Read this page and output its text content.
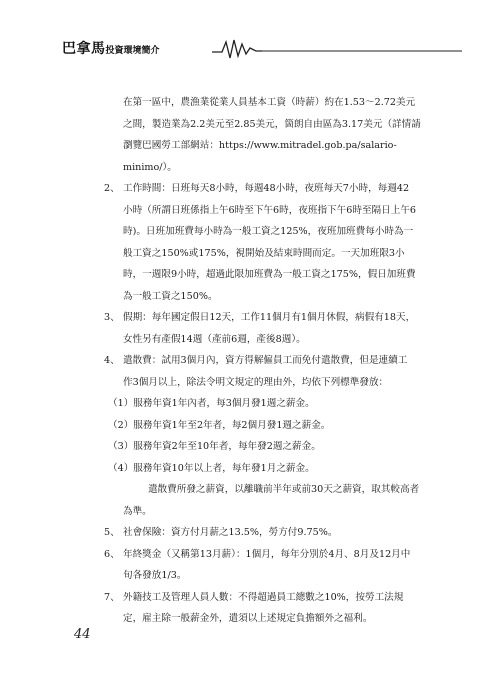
巴拿馬投資環境簡介

在第一區中，農漁業從業人員基本工資（時薪）約在1.53～2.72美元

之間，製造業為2.2美元至2.85美元，箇朗自由區為3.17美元（詳情請

瀏覽巴國勞工部網站：https://www.mitradel.gob.pa/salario-minimo/）。

2、 工作時間：日班每天8小時，每週48小時，夜班每天7小時，每週42

小時（所謂日班係指上午6時至下午6時，夜班指下午6時至隔日上午6

時)。日班加班費每小時為一般工資之125%，夜班加班費每小時為一

般工資之150%或175%，視開始及結束時間而定。一天加班限3小

時，一週限9小時，超過此限加班費為一般工資之175%，假日加班費

為一般工資之150%。

3、 假期：每年國定假日12天，工作11個月有1個月休假，病假有18天，

女性另有產假14週（產前6週，產後8週）。

4、 遣散費：試用3個月內，資方得解僱員工而免付遣散費，但是連續工

作3個月以上，除法令明文規定的理由外，均依下列標準發放：

（1）服務年資1年內者，每3個月發1週之薪金。

（2）服務年資1年至2年者，每2個月發1週之薪金。

（3）服務年資2年至10年者，每年發2週之薪金。

（4）服務年資10年以上者，每年發1月之薪金。

遣散費所發之薪資，以離職前半年或前30天之薪資，取其較高者

為準。

5、 社會保險：資方付月薪之13.5%，勞方付9.75%。

6、 年終獎金（又稱第13月薪）：1個月，每年分別於4月、8月及12月中

旬各發放1/3。

7、 外籍技工及管理人員人數：不得超過員工總數之10%，按勞工法規

定，雇主除一般薪金外，遣須以上述規定負擔額外之福利。

44
